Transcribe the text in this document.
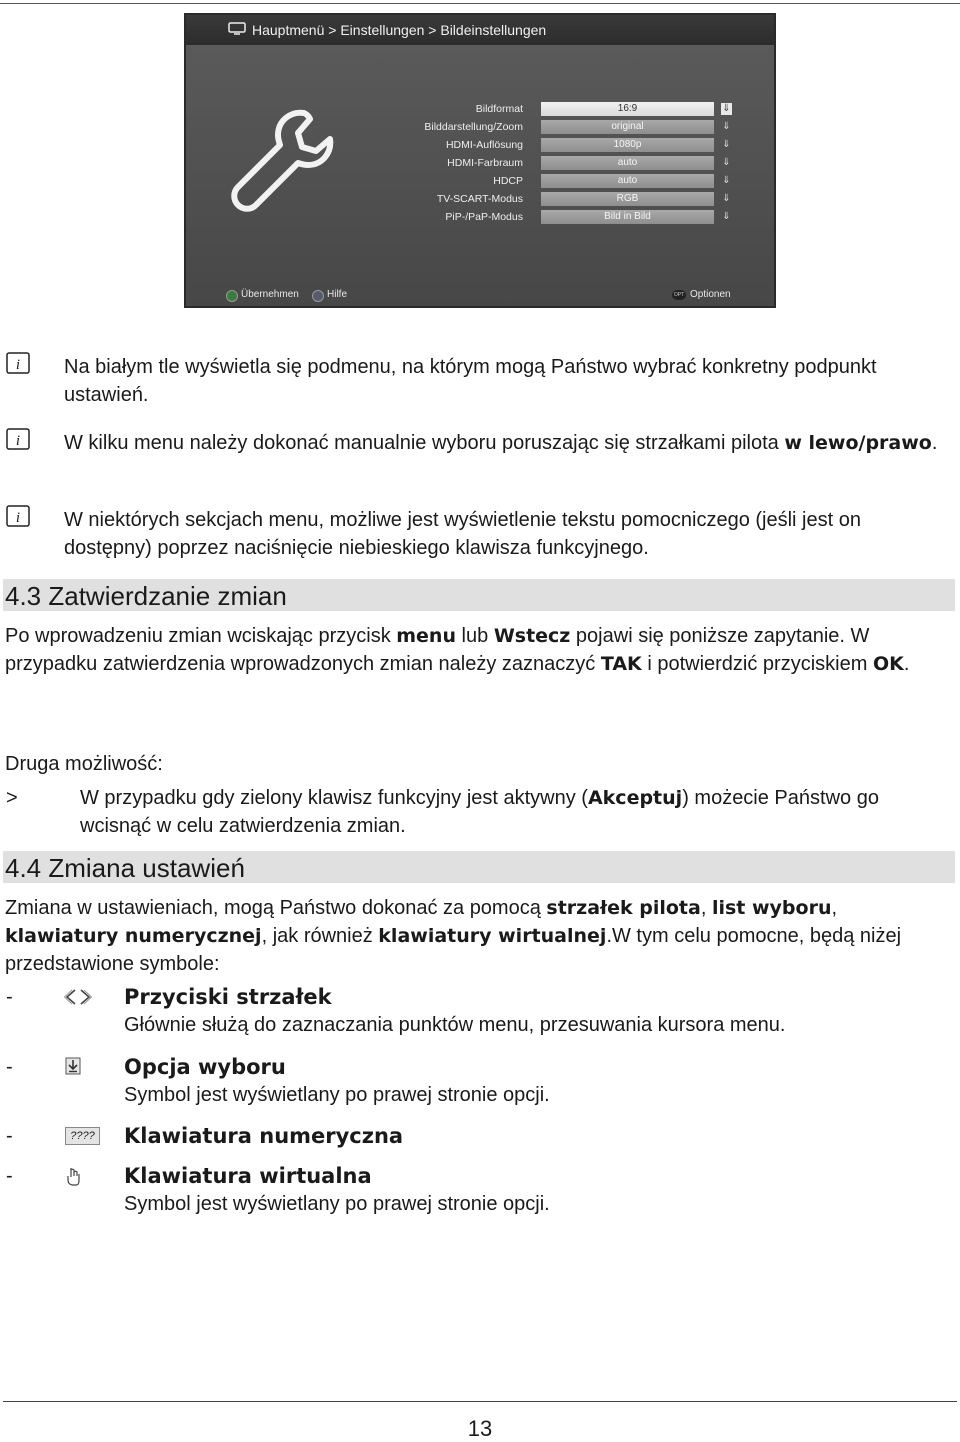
Hauptmenü > Einstellungen > Bildeinstellungen
Bildformat	16:9	⇓
Bilddarstellung/Zoom	original	⇓
HDMI-Auflösung	1080p	⇓
HDMI-Farbraum	auto	⇓
HDCP	auto	⇓
TV-SCART-Modus	RGB	⇓
PiP-/PaP-Modus	Bild in Bild	⇓
Übernehmen	Hilfe	OPT Optionen
i Na białym tle wyświetla się podmenu, na którym mogą Państwo wybrać konkretny podpunkt ustawień.

i W kilku menu należy dokonać manualnie wyboru poruszając się strzałkami pilota w lewo/prawo.

i W niektórych sekcjach menu, możliwe jest wyświetlenie tekstu pomocniczego (jeśli jest on dostępny) poprzez naciśnięcie niebieskiego klawisza funkcyjnego.

4.3 Zatwierdzanie zmian

Po wprowadzeniu zmian wciskając przycisk menu lub Wstecz pojawi się poniższe zapytanie. W przypadku zatwierdzenia wprowadzonych zmian należy zaznaczyć TAK i potwierdzić przyciskiem OK.

Druga możliwość:

>	W przypadku gdy zielony klawisz funkcyjny jest aktywny (Akceptuj) możecie Państwo go wcisnąć w celu zatwierdzenia zmian.

4.4 Zmiana ustawień

Zmiana w ustawieniach, mogą Państwo dokonać za pomocą strzałek pilota, list wyboru, klawiatury numerycznej, jak również klawiatury wirtualnej.W tym celu pomocne, będą niżej przedstawione symbole:

-	Przyciski strzałek
Głównie służą do zaznaczania punktów menu, przesuwania kursora menu.
-	Opcja wyboru
Symbol jest wyświetlany po prawej stronie opcji.
-	???? Klawiatura numeryczna
-	Klawiatura wirtualna
Symbol jest wyświetlany po prawej stronie opcji.
13
